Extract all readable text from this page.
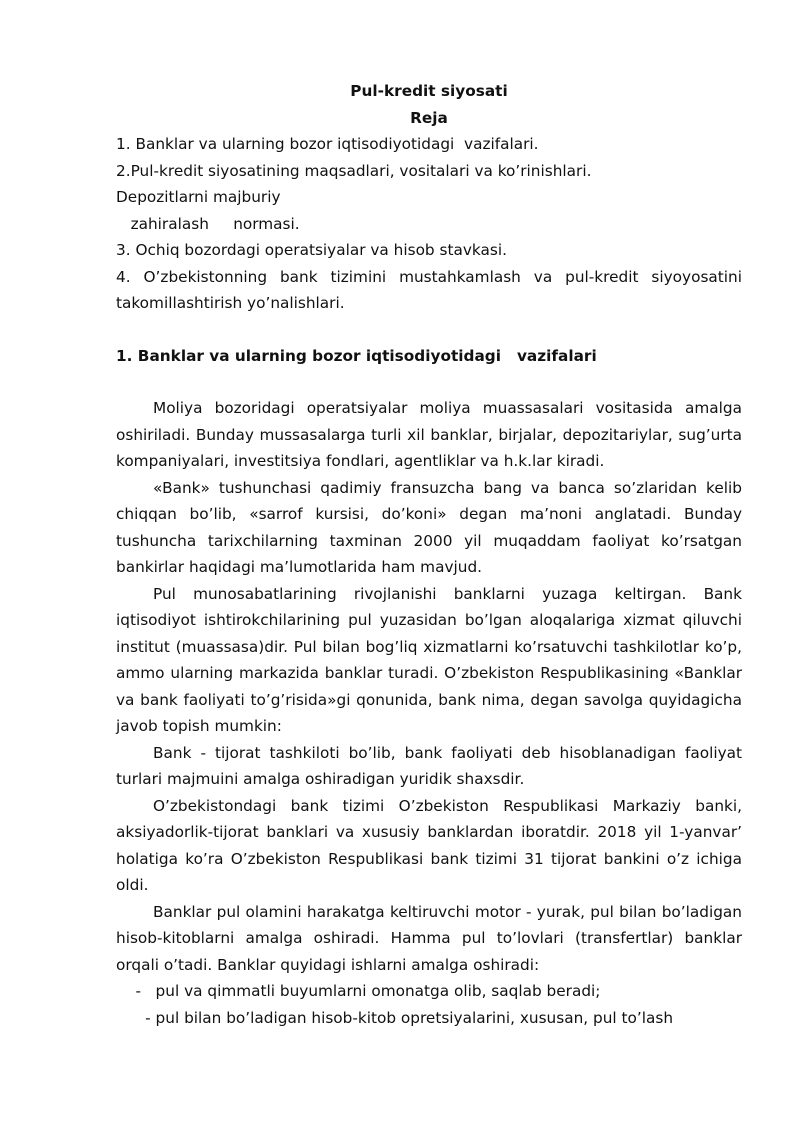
Pul-kredit siyosati

Reja

1. Banklar va ularning bozor iqtisodiyotidagi  vazifalari.

2.Pul-kredit siyosatining maqsadlari, vositalari va ko’rinishlari.

Depozitlarni majburiy

zahiralash     normasi.

3. Ochiq bozordagi operatsiyalar va hisob stavkasi.

4. O’zbekistonning bank tizimini mustahkamlash va pul-kredit siyoyosatini takomillashtirish yo’nalishlari.

1. Banklar va ularning bozor iqtisodiyotidagi   vazifalari

Moliya bozoridagi operatsiyalar moliya muassasalari vositasida amalga oshiriladi. Bunday mussasalarga turli xil banklar, birjalar, depozitariylar, sug’urta kompaniyalari, investitsiya fondlari, agentliklar va h.k.lar kiradi.

«Bank» tushunchasi qadimiy fransuzcha bang va banca so’zlaridan kelib chiqqan bo’lib, «sarrof kursisi, do’koni» degan ma’noni anglatadi. Bunday tushuncha tarixchilarning taxminan 2000 yil muqaddam faoliyat ko’rsatgan bankirlar haqidagi ma’lumotlarida ham mavjud.

Pul munosabatlarining rivojlanishi banklarni yuzaga keltirgan. Bank iqtisodiyot ishtirokchilarining pul yuzasidan bo’lgan aloqalariga xizmat qiluvchi institut (muassasa)dir. Pul bilan bog’liq xizmatlarni ko’rsatuvchi tashkilotlar ko’p, ammo ularning markazida banklar turadi. O’zbekiston Respublikasining «Banklar va bank faoliyati to’g’risida»gi qonunida, bank nima, degan savolga quyidagicha javob topish mumkin:

Bank - tijorat tashkiloti bo’lib, bank faoliyati deb hisoblanadigan faoliyat turlari majmuini amalga oshiradigan yuridik shaxsdir.

O’zbekistondagi bank tizimi O’zbekiston Respublikasi Markaziy banki, aksiyadorlik-tijorat banklari va xususiy banklardan iboratdir. 2018 yil 1-yanvar’ holatiga ko’ra O’zbekiston Respublikasi bank tizimi 31 tijorat bankini o’z ichiga oldi.

Banklar pul olamini harakatga keltiruvchi motor - yurak, pul bilan bo’ladigan hisob-kitoblarni amalga oshiradi. Hamma pul to’lovlari (transfertlar) banklar orqali o’tadi. Banklar quyidagi ishlarni amalga oshiradi:

-   pul va qimmatli buyumlarni omonatga olib, saqlab beradi;

- pul bilan bo’ladigan hisob-kitob opretsiyalarini, xususan, pul to’lash
